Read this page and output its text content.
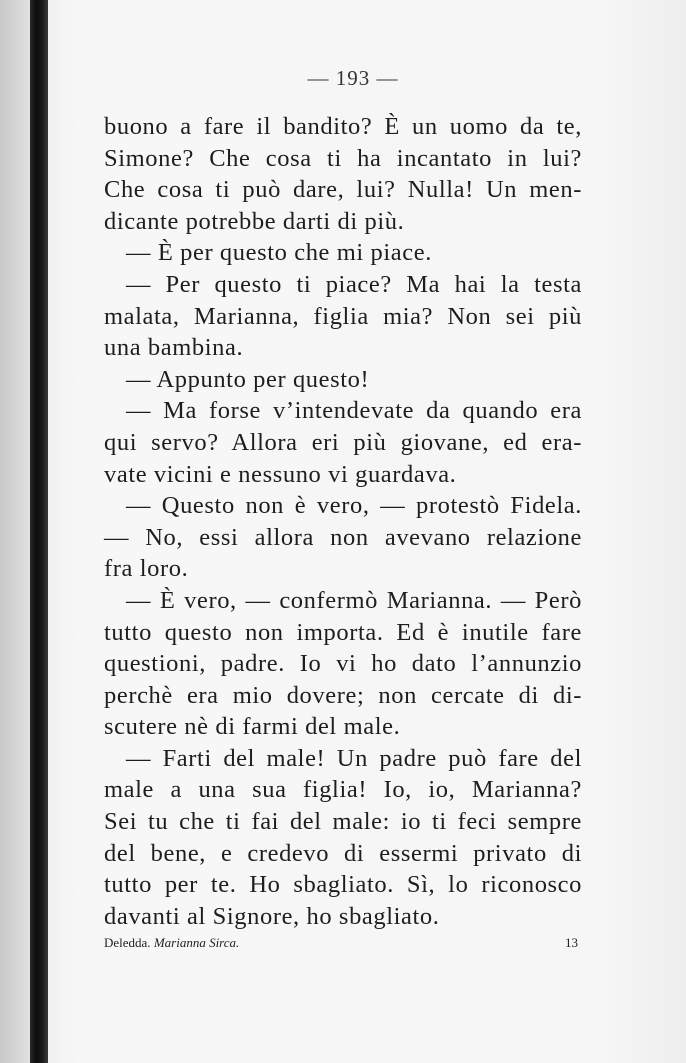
— 193 —
buono a fare il bandito? È un uomo da te,
Simone? Che cosa ti ha incantato in lui?
Che cosa ti può dare, lui? Nulla! Un men-
dicante potrebbe darti di più.
— È per questo che mi piace.
— Per questo ti piace? Ma hai la testa
malata, Marianna, figlia mia? Non sei più
una bambina.
— Appunto per questo!
— Ma forse v’intendevate da quando era
qui servo? Allora eri più giovane, ed era-
vate vicini e nessuno vi guardava.
— Questo non è vero, — protestò Fidela.
— No, essi allora non avevano relazione
fra loro.
— È vero, — confermò Marianna. — Però
tutto questo non importa. Ed è inutile fare
questioni, padre. Io vi ho dato l’annunzio
perchè era mio dovere; non cercate di di-
scutere nè di farmi del male.
— Farti del male! Un padre può fare del
male a una sua figlia! Io, io, Marianna?
Sei tu che ti fai del male: io ti feci sempre
del bene, e credevo di essermi privato di
tutto per te. Ho sbagliato. Sì, lo riconosco
davanti al Signore, ho sbagliato.
Deledda. Marianna Sirca.	13
